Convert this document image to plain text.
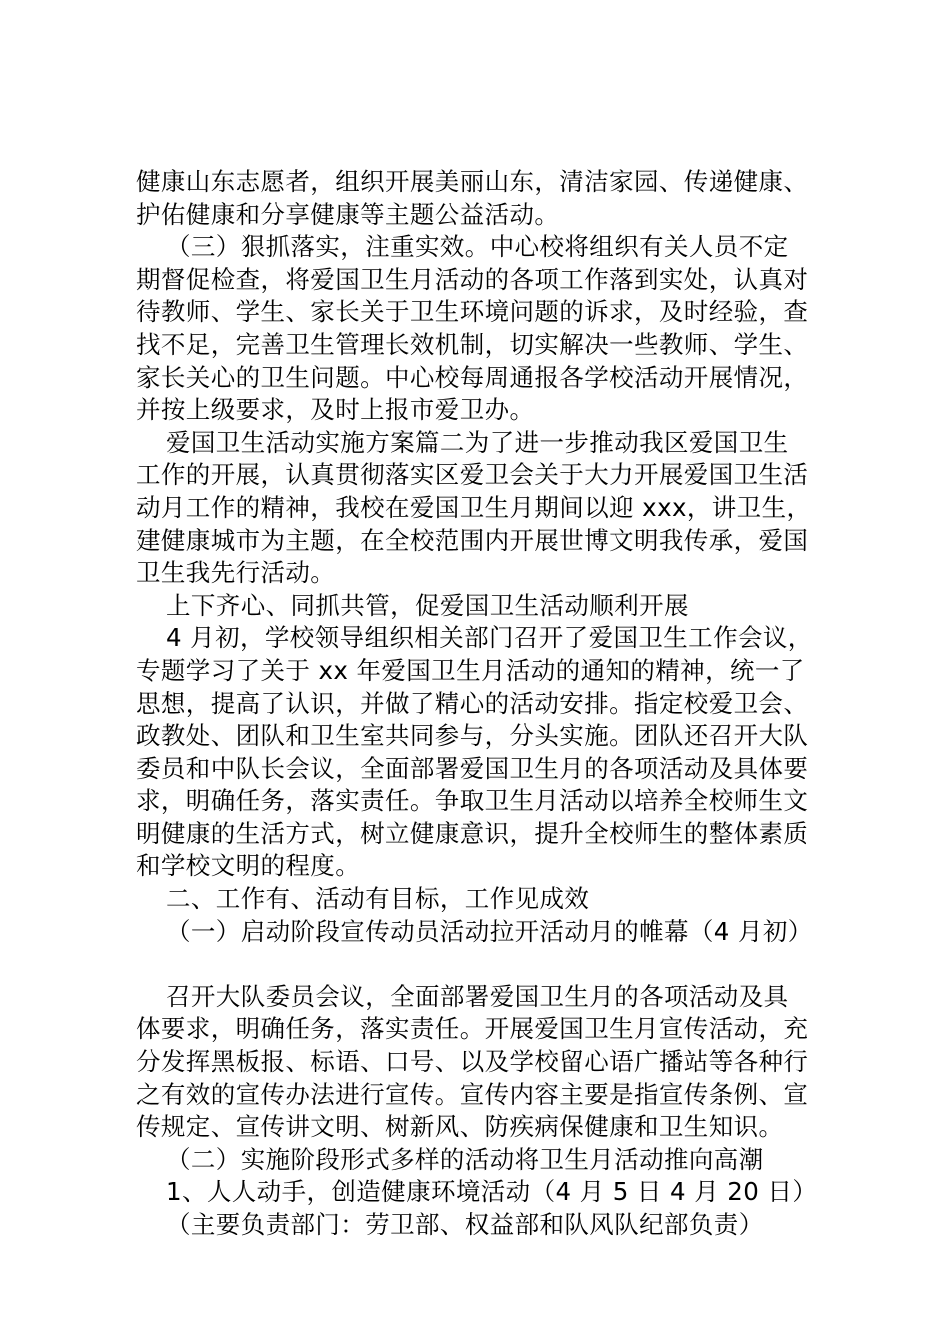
健康山东志愿者，组织开展美丽山东，清洁家园、传递健康、
护佑健康和分享健康等主题公益活动。
（三）狠抓落实，注重实效。中心校将组织有关人员不定
期督促检查，将爱国卫生月活动的各项工作落到实处，认真对
待教师、学生、家长关于卫生环境问题的诉求，及时经验，查
找不足，完善卫生管理长效机制，切实解决一些教师、学生、
家长关心的卫生问题。中心校每周通报各学校活动开展情况，
并按上级要求，及时上报市爱卫办。
爱国卫生活动实施方案篇二为了进一步推动我区爱国卫生
工作的开展，认真贯彻落实区爱卫会关于大力开展爱国卫生活
动月工作的精神，我校在爱国卫生月期间以迎 xxx，讲卫生，
建健康城市为主题，在全校范围内开展世博文明我传承，爱国
卫生我先行活动。
上下齐心、同抓共管，促爱国卫生活动顺利开展
4 月初，学校领导组织相关部门召开了爱国卫生工作会议，
专题学习了关于 xx 年爱国卫生月活动的通知的精神，统一了
思想，提高了认识，并做了精心的活动安排。指定校爱卫会、
政教处、团队和卫生室共同参与，分头实施。团队还召开大队
委员和中队长会议，全面部署爱国卫生月的各项活动及具体要
求，明确任务，落实责任。争取卫生月活动以培养全校师生文
明健康的生活方式，树立健康意识，提升全校师生的整体素质
和学校文明的程度。
二、工作有、活动有目标，工作见成效
（一）启动阶段宣传动员活动拉开活动月的帷幕（4 月初）
召开大队委员会议，全面部署爱国卫生月的各项活动及具
体要求，明确任务，落实责任。开展爱国卫生月宣传活动，充
分发挥黑板报、标语、口号、以及学校留心语广播站等各种行
之有效的宣传办法进行宣传。宣传内容主要是指宣传条例、宣
传规定、宣传讲文明、树新风、防疾病保健康和卫生知识。
（二）实施阶段形式多样的活动将卫生月活动推向高潮
1、人人动手，创造健康环境活动（4 月 5 日 4 月 20 日）
（主要负责部门：劳卫部、权益部和队风队纪部负责）
